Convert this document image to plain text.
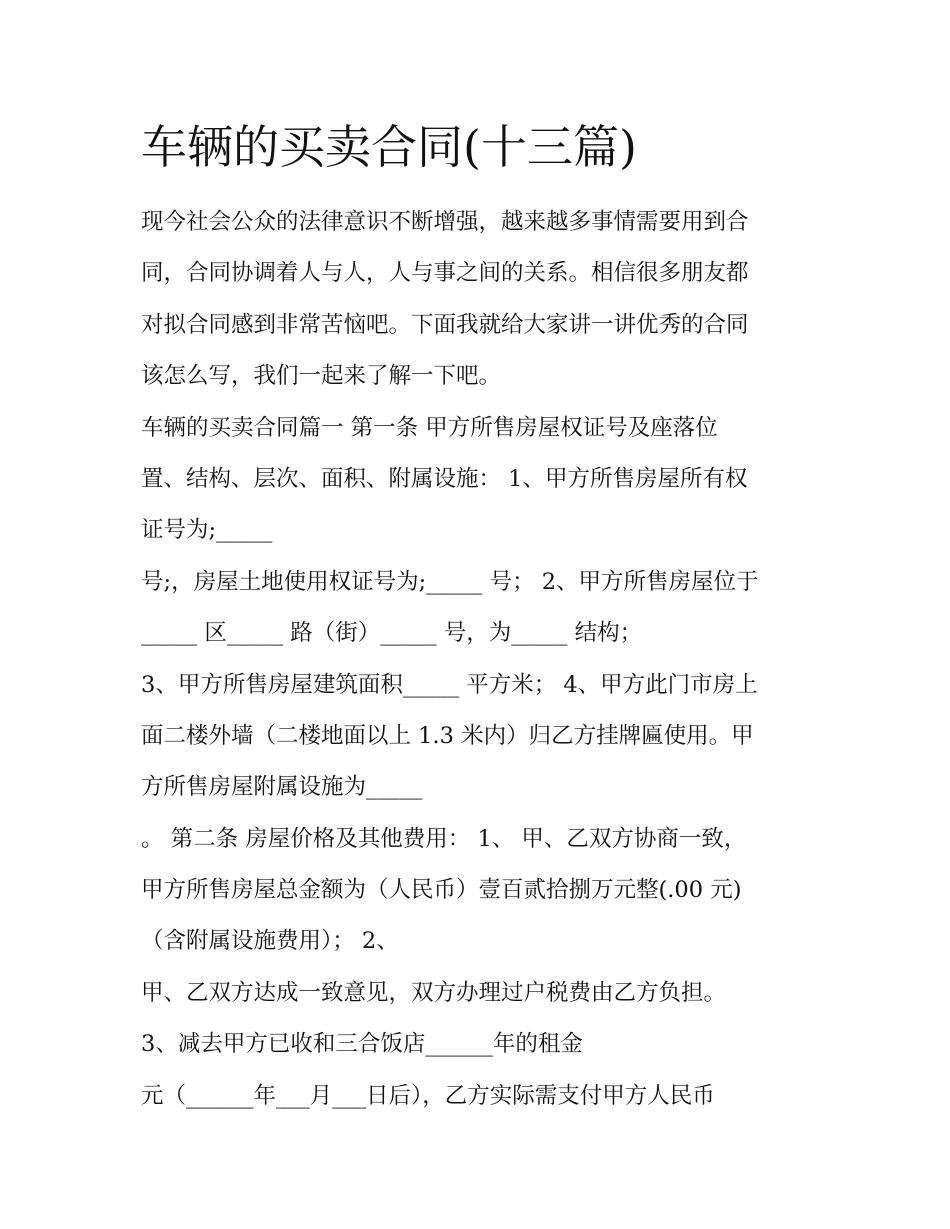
车辆的买卖合同(十三篇)

现今社会公众的法律意识不断增强，越来越多事情需要用到合

同，合同协调着人与人，人与事之间的关系。相信很多朋友都

对拟合同感到非常苦恼吧。下面我就给大家讲一讲优秀的合同

该怎么写，我们一起来了解一下吧。

车辆的买卖合同篇一 第一条 甲方所售房屋权证号及座落位

置、结构、层次、面积、附属设施： 1、甲方所售房屋所有权

证号为;_____

号;，房屋土地使用权证号为;_____ 号； 2、甲方所售房屋位于

_____ 区_____ 路（街）_____ 号，为_____ 结构；

3、甲方所售房屋建筑面积_____ 平方米； 4、甲方此门市房上

面二楼外墙（二楼地面以上 1.3 米内）归乙方挂牌匾使用。甲

方所售房屋附属设施为_____

。 第二条 房屋价格及其他费用： 1、 甲、乙双方协商一致，

甲方所售房屋总金额为（人民币）壹百贰拾捌万元整(.00 元)

（含附属设施费用）； 2、

甲、乙双方达成一致意见，双方办理过户税费由乙方负担。

3、减去甲方已收和三合饭店______年的租金

元（______年___月___日后），乙方实际需支付甲方人民币
